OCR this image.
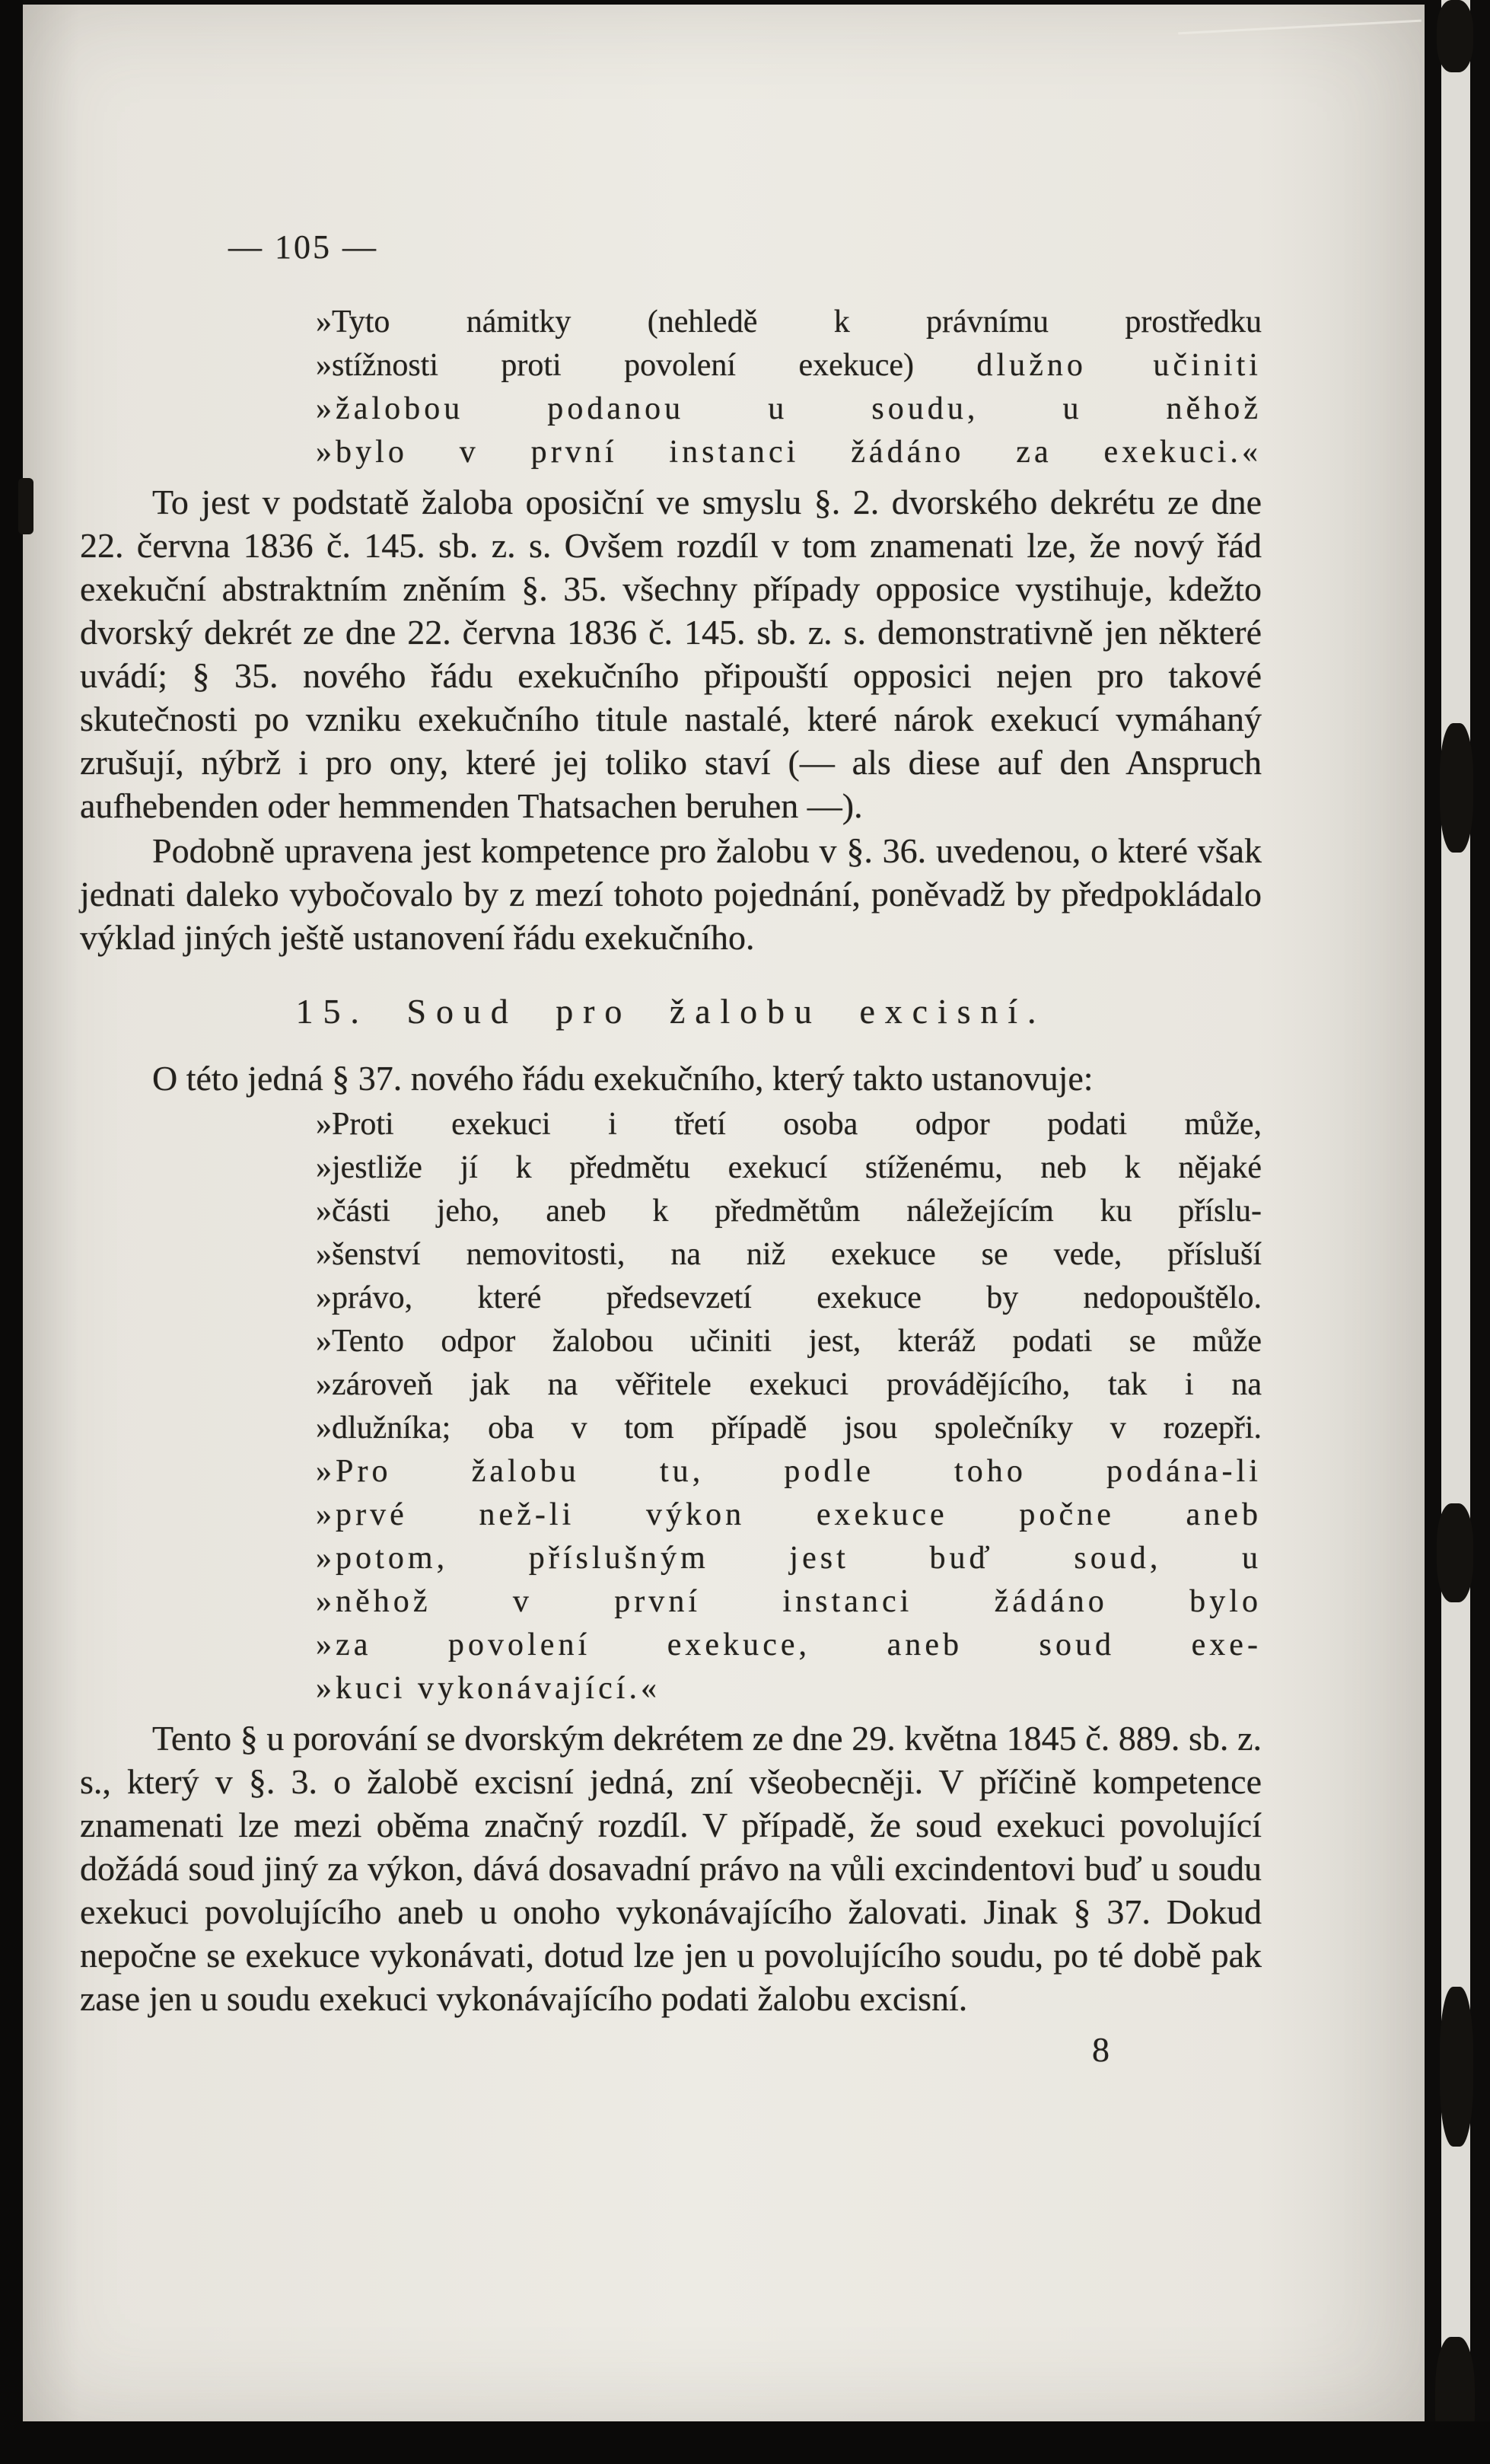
— 105 —
»Tyto námitky (nehledě k právnímu prostředku
»stížnosti proti povolení exekuce) dlužno učiniti
»žalobou podanou u soudu, u něhož
»bylo v první instanci žádáno za exekuci.«

To jest v podstatě žaloba oposiční ve smyslu §. 2. dvorského dekrétu ze dne 22. června 1836 č. 145. sb. z. s. Ovšem rozdíl v tom znamenati lze, že nový řád exekuční abstraktním zněním §. 35. všechny případy opposice vystihuje, kdežto dvorský dekrét ze dne 22. června 1836 č. 145. sb. z. s. demonstrativně jen některé uvádí; § 35. nového řádu exekučního připouští opposici nejen pro takové skutečnosti po vzniku exekučního titule nastalé, které nárok exekucí vymáhaný zrušují, nýbrž i pro ony, které jej toliko staví (— als diese auf den Anspruch aufhebenden oder hemmenden Thatsachen beruhen —).

Podobně upravena jest kompetence pro žalobu v §. 36. uvedenou, o které však jednati daleko vybočovalo by z mezí tohoto pojednání, poněvadž by předpokládalo výklad jiných ještě ustanovení řádu exekučního.

15. Soud pro žalobu excisní.

O této jedná § 37. nového řádu exekučního, který takto ustanovuje:

»Proti exekuci i třetí osoba odpor podati může,
»jestliže jí k předmětu exekucí stíženému, neb k nějaké
»části jeho, aneb k předmětům náležejícím ku příslu-
»šenství nemovitosti, na niž exekuce se vede, přísluší
»právo, které předsevzetí exekuce by nedopouštělo.
»Tento odpor žalobou učiniti jest, kteráž podati se může
»zároveň jak na věřitele exekuci provádějícího, tak i na
»dlužníka; oba v tom případě jsou společníky v rozepři.
»Pro žalobu tu, podle toho podána-li
»prvé než-li výkon exekuce počne aneb
»potom, příslušným jest buď soud, u
»něhož v první instanci žádáno bylo
»za povolení exekuce, aneb soud exe-
»kuci vykonávající.«

Tento § u porování se dvorským dekrétem ze dne 29. května 1845 č. 889. sb. z. s., který v §. 3. o žalobě excisní jedná, zní všeobecněji. V příčině kompetence znamenati lze mezi oběma značný rozdíl. V případě, že soud exekuci povolující dožádá soud jiný za výkon, dává dosavadní právo na vůli excindentovi buď u soudu exekuci povolujícího aneb u onoho vykonávajícího žalovati. Jinak § 37. Dokud nepočne se exekuce vykonávati, dotud lze jen u povolujícího soudu, po té době pak zase jen u soudu exekuci vykonávajícího podati žalobu excisní.

8
